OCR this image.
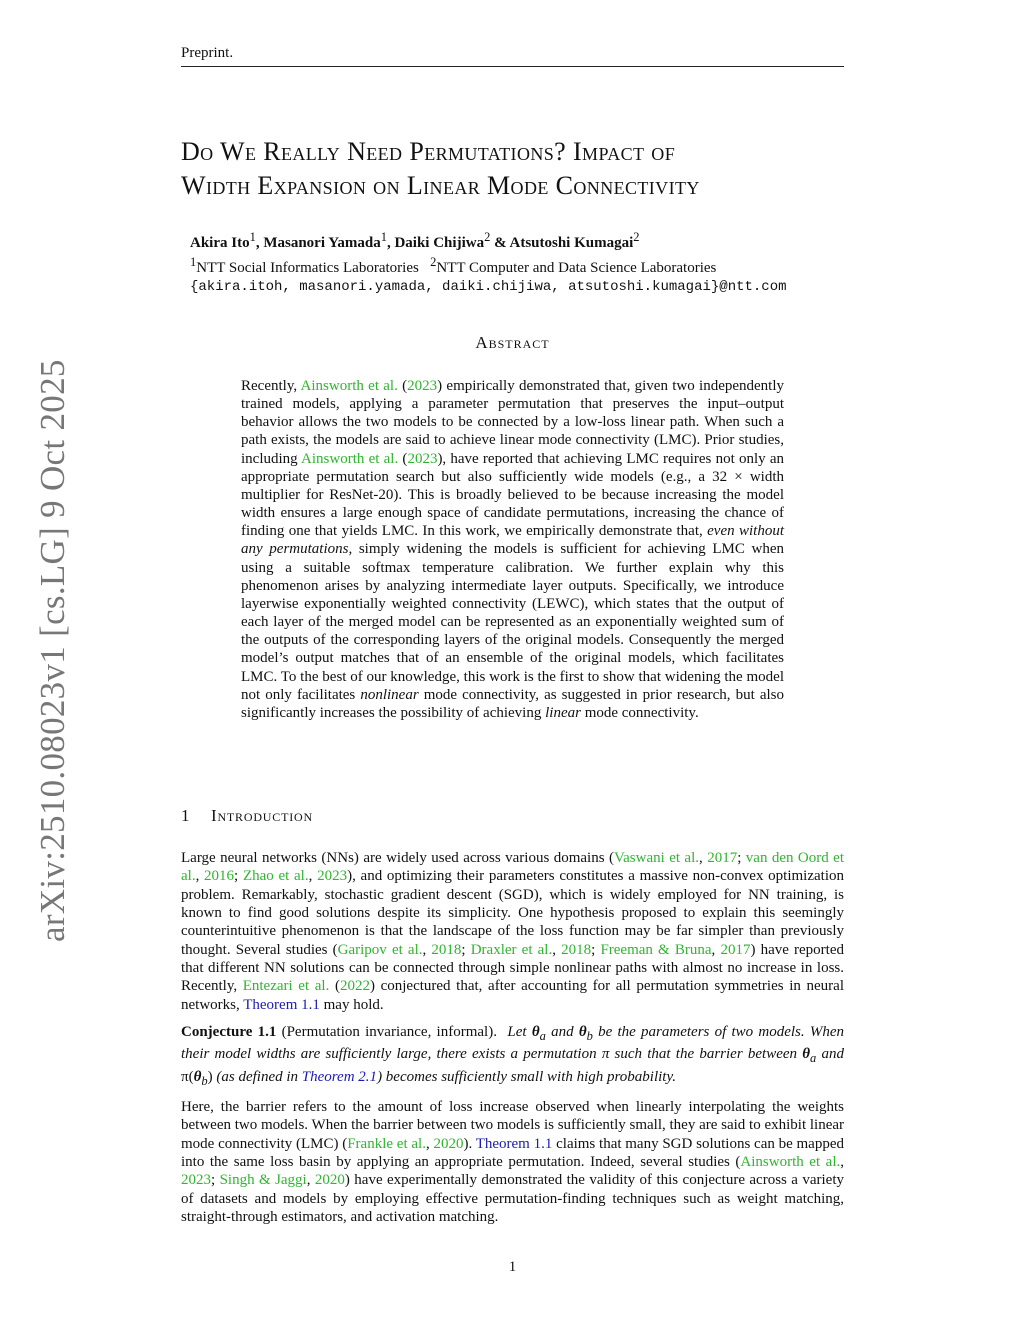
Preprint.
arXiv:2510.08023v1 [cs.LG] 9 Oct 2025
Do We Really Need Permutations? Impact of
Width Expansion on Linear Mode Connectivity
Akira Ito$^1$, Masanori Yamada$^1$, Daiki Chijiwa$^2$ & Atsutoshi Kumagai$^2$
$^1$NTT Social Informatics Laboratories $^2$NTT Computer and Data Science Laboratories
{akira.itoh, masanori.yamada, daiki.chijiwa, atsutoshi.kumagai}@ntt.com
Abstract
Recently, Ainsworth et al. (2023) empirically demonstrated that, given two independently trained models, applying a parameter permutation that preserves the input–output behavior allows the two models to be connected by a low-loss linear path. When such a path exists, the models are said to achieve linear mode connectivity (LMC). Prior studies, including Ainsworth et al. (2023), have reported that achieving LMC requires not only an appropriate permutation search but also sufficiently wide models (e.g., a 32 × width multiplier for ResNet-20). This is broadly believed to be because increasing the model width ensures a large enough space of candidate permutations, increasing the chance of finding one that yields LMC. In this work, we empirically demonstrate that, even without any permutations, simply widening the models is sufficient for achieving LMC when using a suitable softmax temperature calibration. We further explain why this phenomenon arises by analyzing intermediate layer outputs. Specifically, we introduce layerwise exponentially weighted connectivity (LEWC), which states that the output of each layer of the merged model can be represented as an exponentially weighted sum of the outputs of the corresponding layers of the original models. Consequently the merged model’s output matches that of an ensemble of the original models, which facilitates LMC. To the best of our knowledge, this work is the first to show that widening the model not only facilitates nonlinear mode connectivity, as suggested in prior research, but also significantly increases the possibility of achieving linear mode connectivity.
1 Introduction
Large neural networks (NNs) are widely used across various domains (Vaswani et al., 2017; van den Oord et al., 2016; Zhao et al., 2023), and optimizing their parameters constitutes a massive non-convex optimization problem. Remarkably, stochastic gradient descent (SGD), which is widely employed for NN training, is known to find good solutions despite its simplicity. One hypothesis proposed to explain this seemingly counterintuitive phenomenon is that the landscape of the loss function may be far simpler than previously thought. Several studies (Garipov et al., 2018; Draxler et al., 2018; Freeman & Bruna, 2017) have reported that different NN solutions can be connected through simple nonlinear paths with almost no increase in loss. Recently, Entezari et al. (2022) conjectured that, after accounting for all permutation symmetries in neural networks, Theorem 1.1 may hold.
Conjecture 1.1 (Permutation invariance, informal). Let $\theta_a$ and $\theta_b$ be the parameters of two models. When their model widths are sufficiently large, there exists a permutation π such that the barrier between $\theta_a$ and $\pi(\theta_b)$ (as defined in Theorem 2.1) becomes sufficiently small with high probability.
Here, the barrier refers to the amount of loss increase observed when linearly interpolating the weights between two models. When the barrier between two models is sufficiently small, they are said to exhibit linear mode connectivity (LMC) (Frankle et al., 2020). Theorem 1.1 claims that many SGD solutions can be mapped into the same loss basin by applying an appropriate permutation. Indeed, several studies (Ainsworth et al., 2023; Singh & Jaggi, 2020) have experimentally demonstrated the validity of this conjecture across a variety of datasets and models by employing effective permutation-finding techniques such as weight matching, straight-through estimators, and activation matching.
1
